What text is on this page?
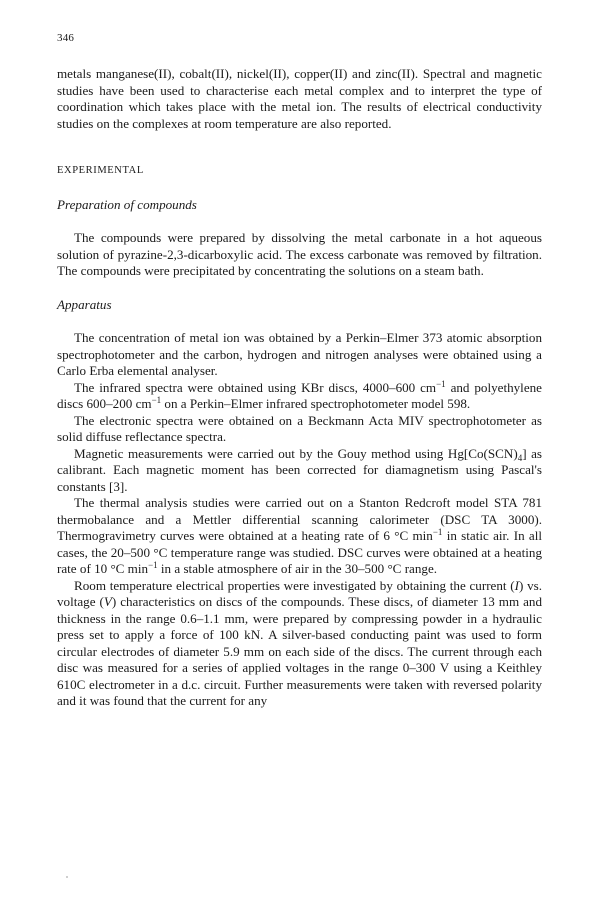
346

metals manganese(II), cobalt(II), nickel(II), copper(II) and zinc(II). Spectral and magnetic studies have been used to characterise each metal complex and to interpret the type of coordination which takes place with the metal ion. The results of electrical conductivity studies on the complexes at room temperature are also reported.

EXPERIMENTAL

Preparation of compounds

The compounds were prepared by dissolving the metal carbonate in a hot aqueous solution of pyrazine-2,3-dicarboxylic acid. The excess carbonate was removed by filtration. The compounds were precipitated by concentrating the solutions on a steam bath.

Apparatus

The concentration of metal ion was obtained by a Perkin–Elmer 373 atomic absorption spectrophotometer and the carbon, hydrogen and nitrogen analyses were obtained using a Carlo Erba elemental analyser.

The infrared spectra were obtained using KBr discs, 4000–600 $cm^{-1}$ and polyethylene discs 600–200 $cm^{-1}$ on a Perkin–Elmer infrared spectrophotometer model 598.

The electronic spectra were obtained on a Beckmann Acta MIV spectrophotometer as solid diffuse reflectance spectra.

Magnetic measurements were carried out by the Gouy method using $Hg[Co(SCN)_4]$ as calibrant. Each magnetic moment has been corrected for diamagnetism using Pascal's constants [3].

The thermal analysis studies were carried out on a Stanton Redcroft model STA 781 thermobalance and a Mettler differential scanning calorimeter (DSC TA 3000). Thermogravimetry curves were obtained at a heating rate of 6 °C $\min^{-1}$ in static air. In all cases, the 20–500 °C temperature range was studied. DSC curves were obtained at a heating rate of 10 °C $\min^{-1}$ in a stable atmosphere of air in the 30–500 °C range.

Room temperature electrical properties were investigated by obtaining the current (I) vs. voltage (V) characteristics on discs of the compounds. These discs, of diameter 13 mm and thickness in the range 0.6–1.1 mm, were prepared by compressing powder in a hydraulic press set to apply a force of 100 kN. A silver-based conducting paint was used to form circular electrodes of diameter 5.9 mm on each side of the discs. The current through each disc was measured for a series of applied voltages in the range 0–300 V using a Keithley 610C electrometer in a d.c. circuit. Further measurements were taken with reversed polarity and it was found that the current for any
